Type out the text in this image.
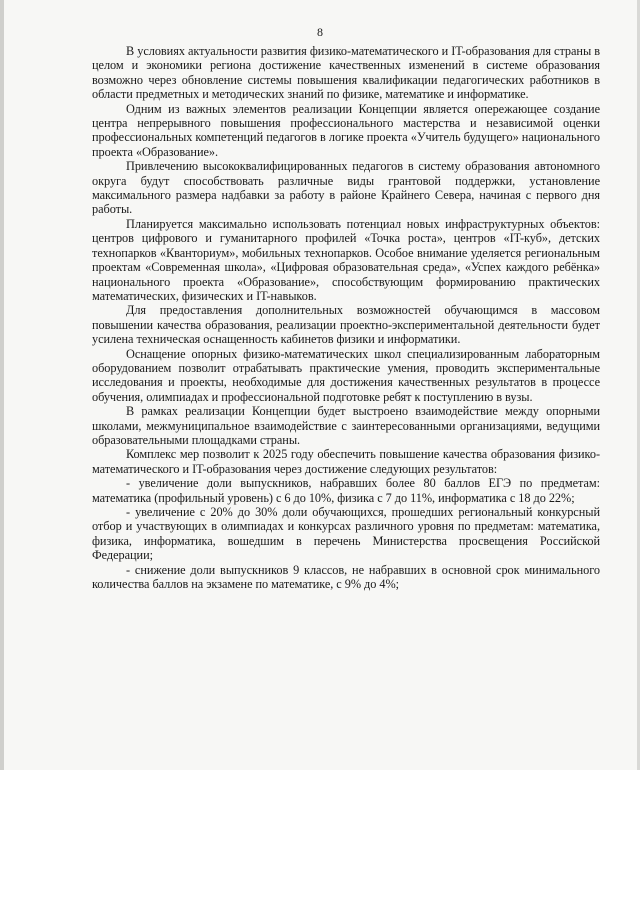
8

В условиях актуальности развития физико-математического и IT-образования для страны в целом и экономики региона достижение качественных изменений в системе образования возможно через обновление системы повышения квалификации педагогических работников в области предметных и методических знаний по физике, математике и информатике.

Одним из важных элементов реализации Концепции является опережающее создание центра непрерывного повышения профессионального мастерства и независимой оценки профессиональных компетенций педагогов в логике проекта «Учитель будущего» национального проекта «Образование».

Привлечению высококвалифицированных педагогов в систему образования автономного округа будут способствовать различные виды грантовой поддержки, установление максимального размера надбавки за работу в районе Крайнего Севера, начиная с первого дня работы.

Планируется максимально использовать потенциал новых инфраструктурных объектов: центров цифрового и гуманитарного профилей «Точка роста», центров «IT-куб», детских технопарков «Кванториум», мобильных технопарков. Особое внимание уделяется региональным проектам «Современная школа», «Цифровая образовательная среда», «Успех каждого ребёнка» национального проекта «Образование», способствующим формированию практических математических, физических и IT-навыков.

Для предоставления дополнительных возможностей обучающимся в массовом повышении качества образования, реализации проектно-экспериментальной деятельности будет усилена техническая оснащенность кабинетов физики и информатики.

Оснащение опорных физико-математических школ специализированным лабораторным оборудованием позволит отрабатывать практические умения, проводить экспериментальные исследования и проекты, необходимые для достижения качественных результатов в процессе обучения, олимпиадах и профессиональной подготовке ребят к поступлению в вузы.

В рамках реализации Концепции будет выстроено взаимодействие между опорными школами, межмуниципальное взаимодействие с заинтересованными организациями, ведущими образовательными площадками страны.

Комплекс мер позволит к 2025 году обеспечить повышение качества образования физико-математического и IT-образования через достижение следующих результатов:

- увеличение доли выпускников, набравших более 80 баллов ЕГЭ по предметам: математика (профильный уровень) с 6 до 10%, физика с 7 до 11%, информатика с 18 до 22%;

- увеличение с 20% до 30% доли обучающихся, прошедших региональный конкурсный отбор и участвующих в олимпиадах и конкурсах различного уровня по предметам: математика, физика, информатика, вошедшим в перечень Министерства просвещения Российской Федерации;

- снижение доли выпускников 9 классов, не набравших в основной срок минимального количества баллов на экзамене по математике, с 9% до 4%;
